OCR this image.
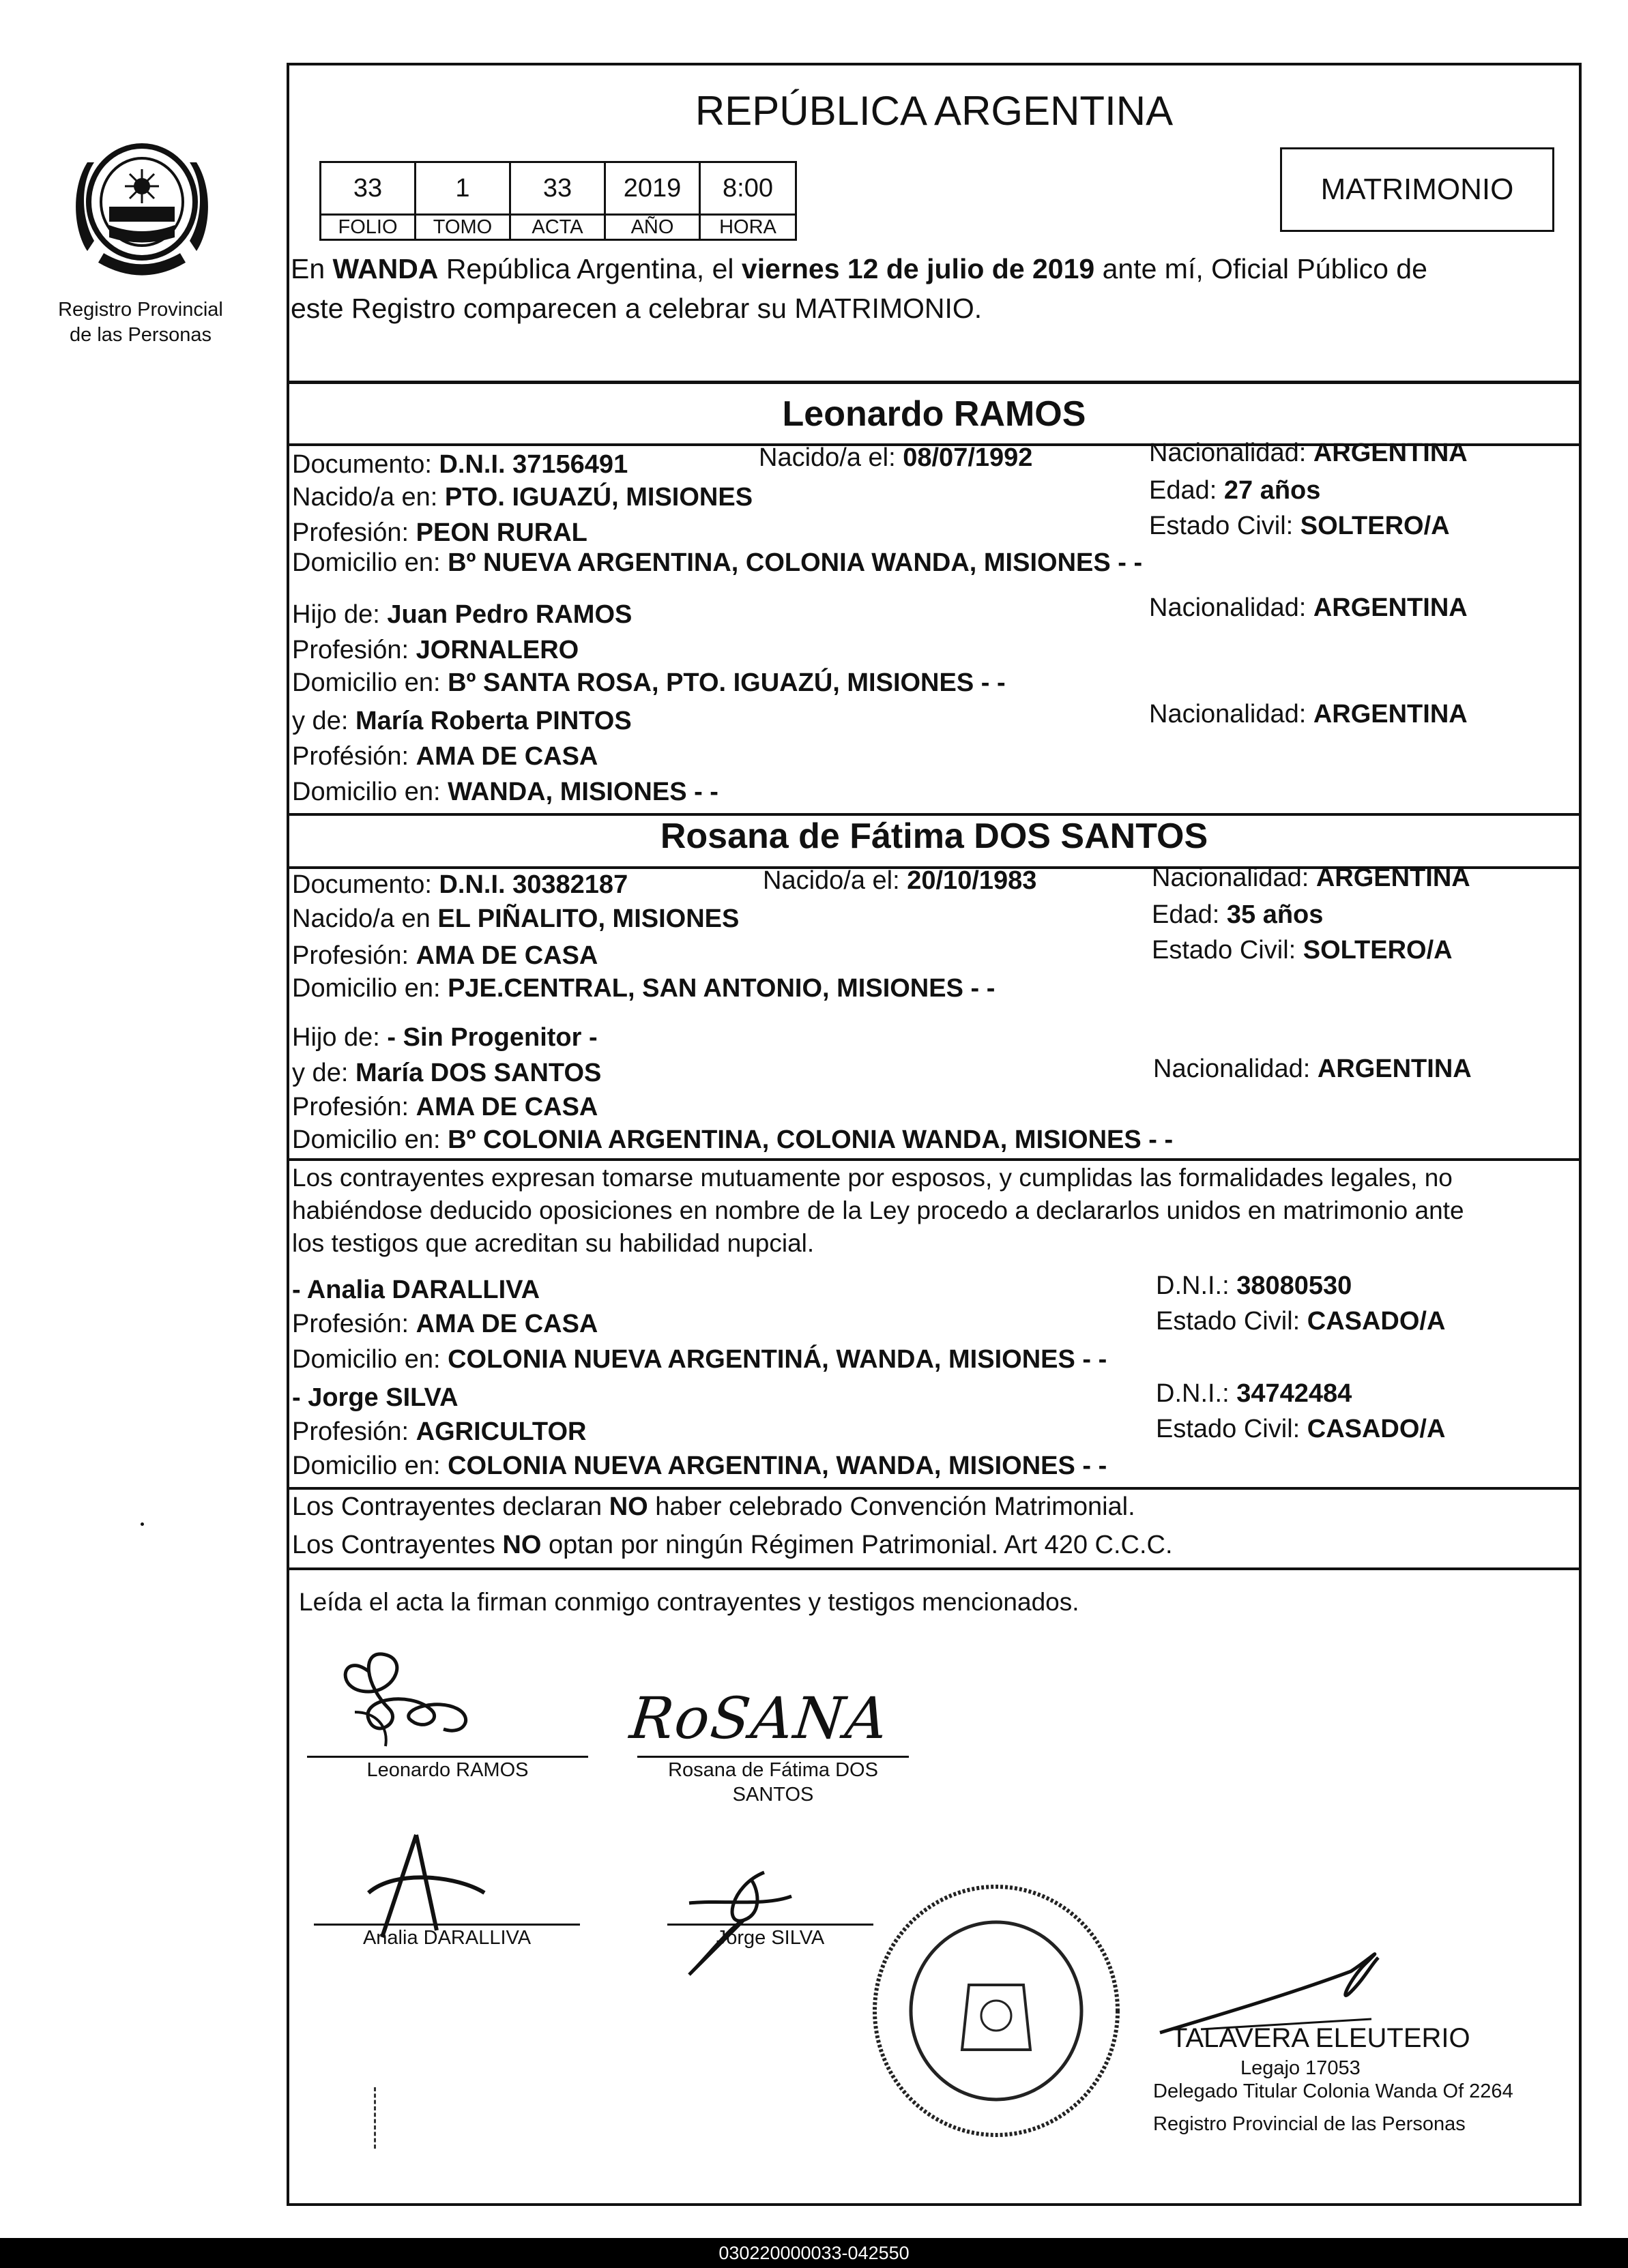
Registro Provincial
de las Personas
REPÚBLICA ARGENTINA
33	1	33	2019	8:00
FOLIO	TOMO	ACTA	AÑO	HORA
MATRIMONIO
En WANDA República Argentina, el viernes 12 de julio de 2019 ante mí, Oficial Público de
este Registro comparecen a celebrar su MATRIMONIO.
Leonardo RAMOS
Documento: D.N.I. 37156491	Nacido/a el: 08/07/1992	Nacionalidad: ARGENTINA
Nacido/a en: PTO. IGUAZÚ, MISIONES	Edad: 27 años
Profesión: PEON RURAL	Estado Civil: SOLTERO/A
Domicilio en: Bº NUEVA ARGENTINA, COLONIA WANDA, MISIONES - -
Hijo de: Juan Pedro RAMOS	Nacionalidad: ARGENTINA
Profesión: JORNALERO
Domicilio en: Bº SANTA ROSA, PTO. IGUAZÚ, MISIONES - -
y de: María Roberta PINTOS	Nacionalidad: ARGENTINA
Profésión: AMA DE CASA
Domicilio en: WANDA, MISIONES - -
Rosana de Fátima DOS SANTOS
Documento: D.N.I. 30382187	Nacido/a el: 20/10/1983	Nacionalidad: ARGENTINA
Nacido/a en EL PIÑALITO, MISIONES	Edad: 35 años
Profesión: AMA DE CASA	Estado Civil: SOLTERO/A
Domicilio en: PJE.CENTRAL, SAN ANTONIO, MISIONES - -
Hijo de: - Sin Progenitor -
y de: María DOS SANTOS	Nacionalidad: ARGENTINA
Profesión: AMA DE CASA
Domicilio en: Bº COLONIA ARGENTINA, COLONIA WANDA, MISIONES - -
Los contrayentes expresan tomarse mutuamente por esposos, y cumplidas las formalidades legales, no
habiéndose deducido oposiciones en nombre de la Ley procedo a declararlos unidos en matrimonio ante
los testigos que acreditan su habilidad nupcial.
- Analia DARALLIVA	D.N.I.: 38080530
Profesión: AMA DE CASA	Estado Civil: CASADO/A
Domicilio en: COLONIA NUEVA ARGENTINÁ, WANDA, MISIONES - -
- Jorge SILVA	D.N.I.: 34742484
Profesión: AGRICULTOR	Estado Civil: CASADO/A
Domicilio en: COLONIA NUEVA ARGENTINA, WANDA, MISIONES - -
Los Contrayentes declaran NO haber celebrado Convención Matrimonial.
Los Contrayentes NO optan por ningún Régimen Patrimonial. Art 420 C.C.C.
Leída el acta la firman conmigo contrayentes y testigos mencionados.
Leonardo RAMOS
RoSANA
Rosana de Fátima DOS
SANTOS
Analia DARALLIVA	Jorge SILVA
TALAVERA ELEUTERIO
Legajo 17053
Delegado Titular Colonia Wanda Of 2264
Registro Provincial de las Personas
030220000033-042550
